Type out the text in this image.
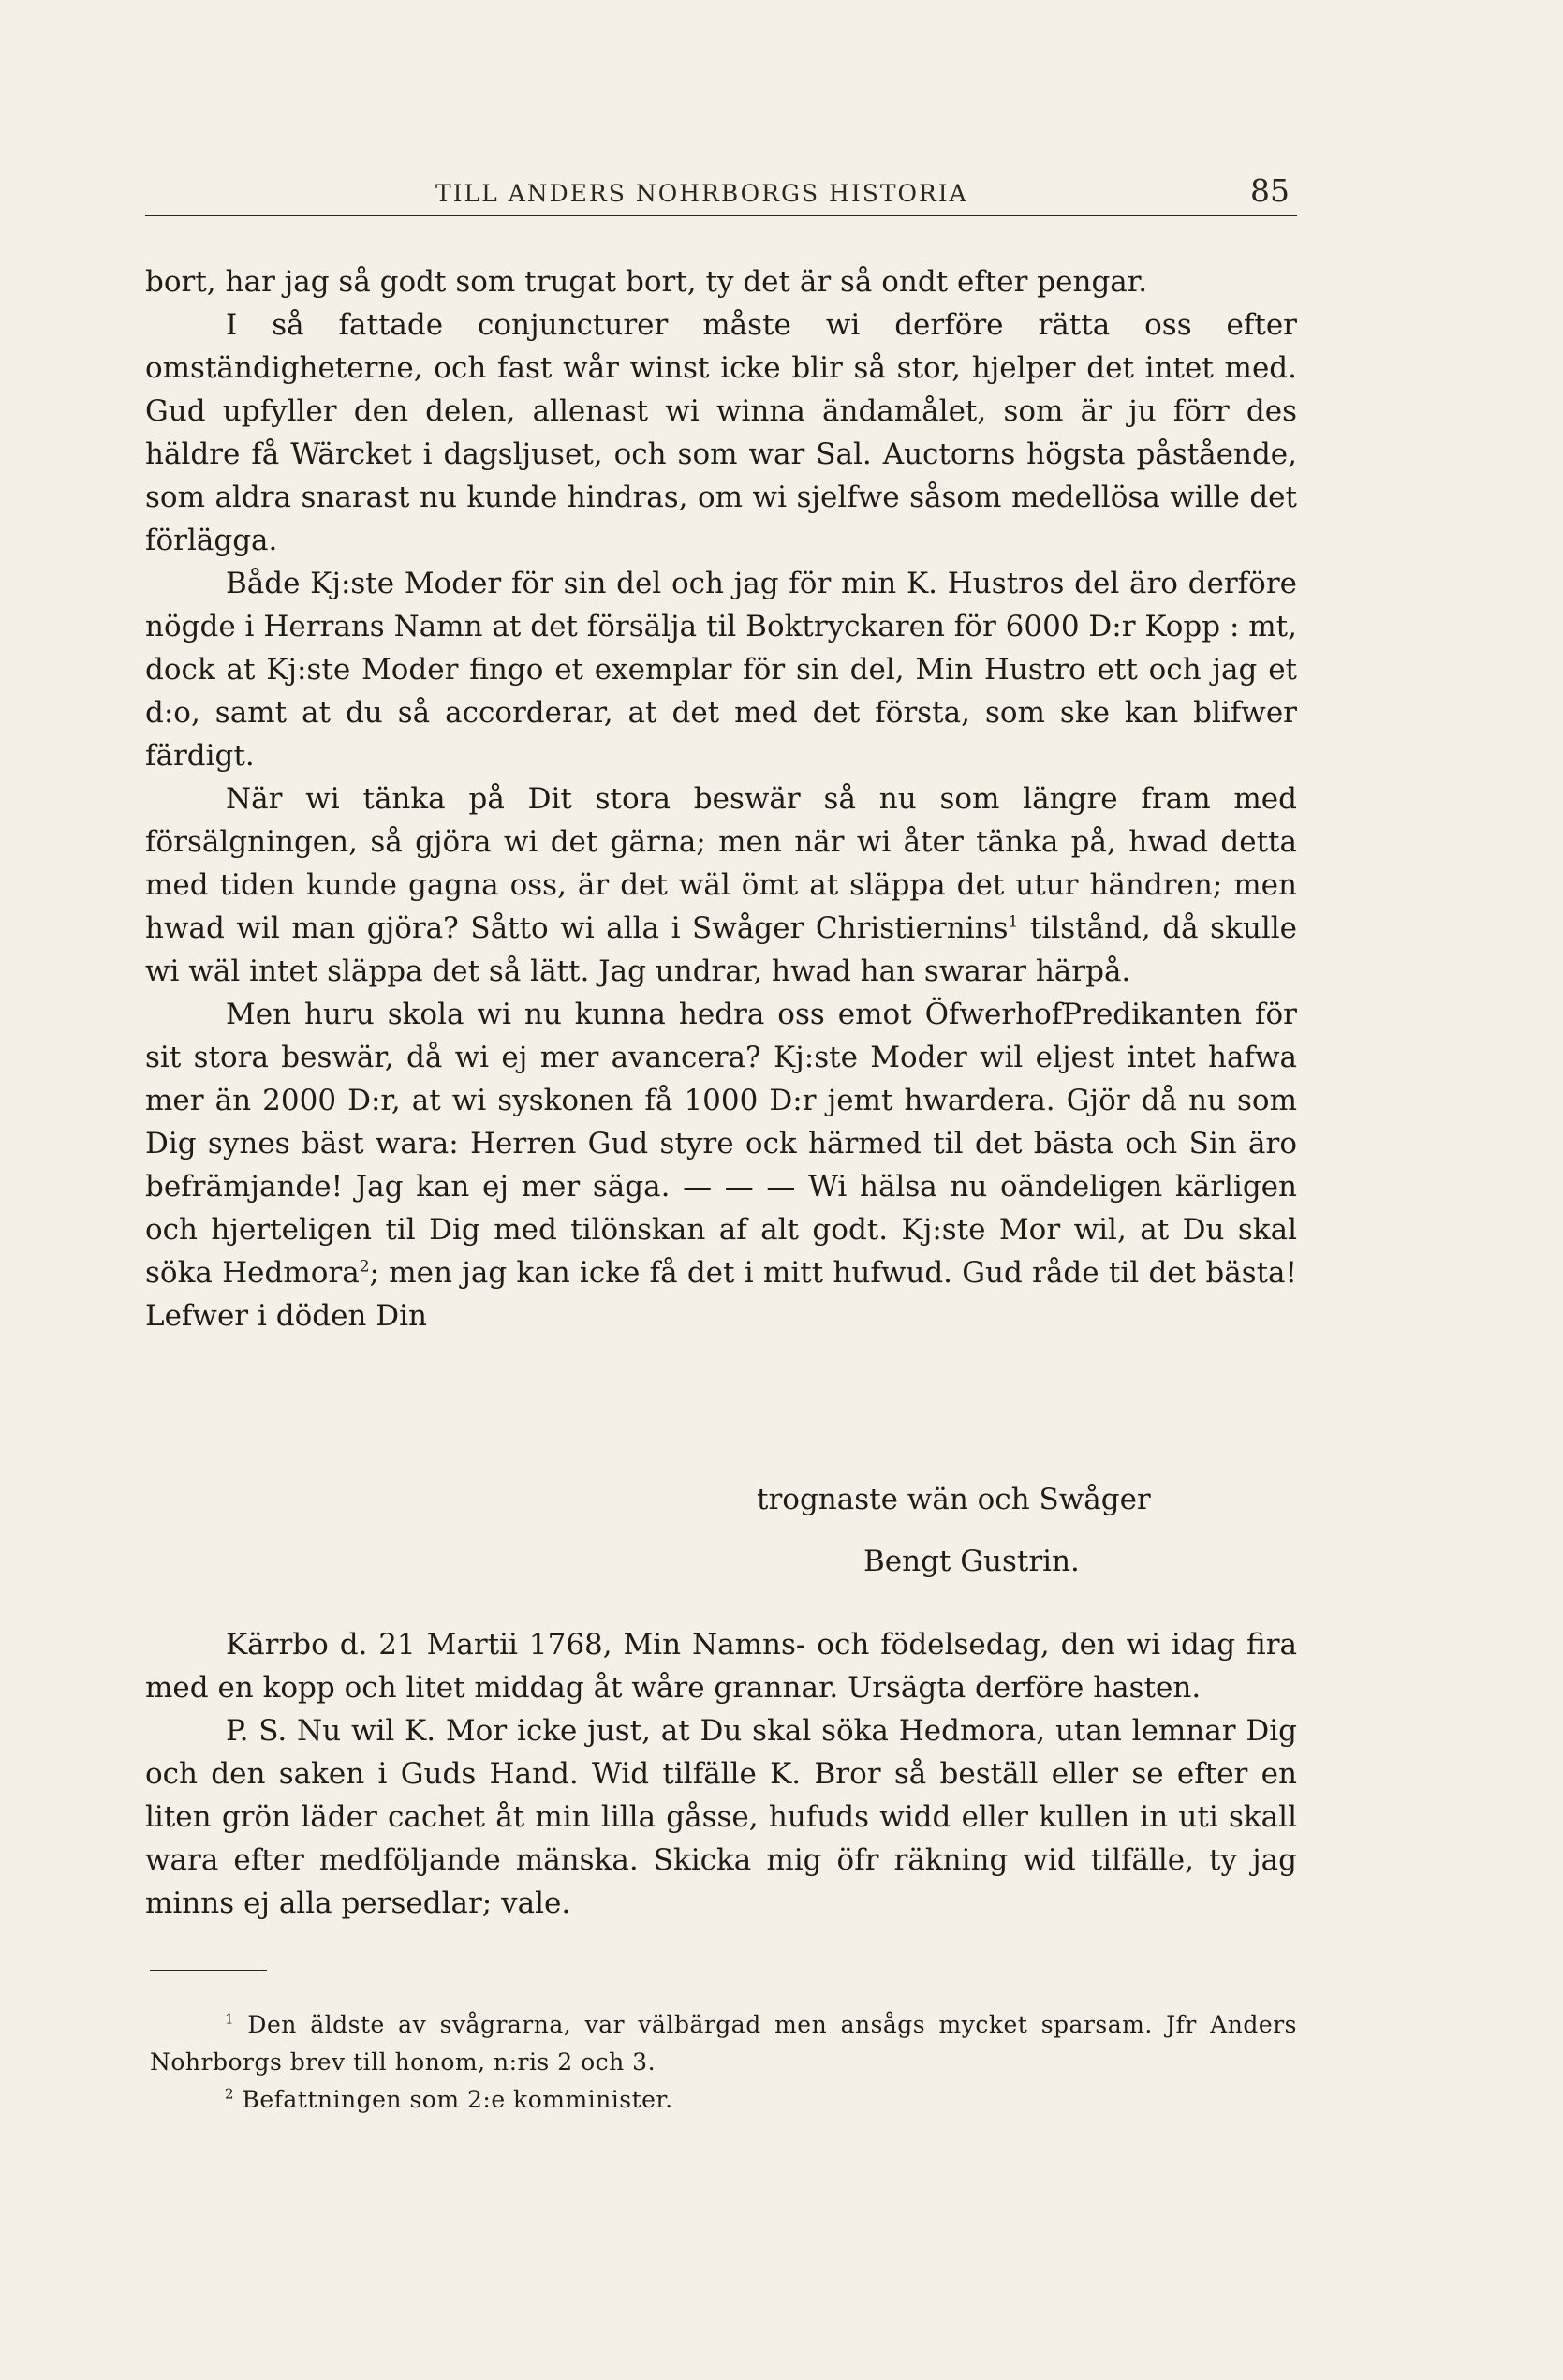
TILL ANDERS NOHRBORGS HISTORIA	85

bort, har jag så godt som trugat bort, ty det är så ondt efter pengar.

I så fattade conjuncturer måste wi derföre rätta oss efter omständigheterne, och fast wår winst icke blir så stor, hjelper det intet med. Gud upfyller den delen, allenast wi winna ändamålet, som är ju förr des häldre få Wärcket i dagsljuset, och som war Sal. Auctorns högsta påstående, som aldra snarast nu kunde hindras, om wi sjelfwe såsom medellösa wille det förlägga.

Både Kj:ste Moder för sin del och jag för min K. Hustros del äro derföre nögde i Herrans Namn at det försälja til Boktryckaren för 6000 D:r Kopp : mt, dock at Kj:ste Moder fingo et exemplar för sin del, Min Hustro ett och jag et d:o, samt at du så accorderar, at det med det första, som ske kan blifwer färdigt.

När wi tänka på Dit stora beswär så nu som längre fram med försälgningen, så gjöra wi det gärna; men när wi åter tänka på, hwad detta med tiden kunde gagna oss, är det wäl ömt at släppa det utur händren; men hwad wil man gjöra? Såtto wi alla i Swåger Christiernins$^1$ tilstånd, då skulle wi wäl intet släppa det så lätt. Jag undrar, hwad han swarar härpå.

Men huru skola wi nu kunna hedra oss emot ÖfwerhofPredikanten för sit stora beswär, då wi ej mer avancera? Kj:ste Moder wil eljest intet hafwa mer än 2000 D:r, at wi syskonen få 1000 D:r jemt hwardera. Gjör då nu som Dig synes bäst wara: Herren Gud styre ock härmed til det bästa och Sin äro befrämjande! Jag kan ej mer säga. — — — Wi hälsa nu oändeligen kärligen och hjerteligen til Dig med tilönskan af alt godt. Kj:ste Mor wil, at Du skal söka Hedmora$^2$; men jag kan icke få det i mitt hufwud. Gud råde til det bästa! Lefwer i döden Din

trognaste wän och Swåger
Bengt Gustrin.

Kärrbo d. 21 Martii 1768, Min Namns- och födelsedag, den wi idag fira med en kopp och litet middag åt wåre grannar. Ursägta derföre hasten.

P. S. Nu wil K. Mor icke just, at Du skal söka Hedmora, utan lemnar Dig och den saken i Guds Hand. Wid tilfälle K. Bror så beställ eller se efter en liten grön läder cachet åt min lilla gåsse, hufuds widd eller kullen in uti skall wara efter medföljande mänska. Skicka mig öfr räkning wid tilfälle, ty jag minns ej alla persedlar; vale.

$^1$ Den äldste av svågrarna, var välbärgad men ansågs mycket sparsam. Jfr Anders Nohrborgs brev till honom, n:ris 2 och 3.

$^2$ Befattningen som 2:e komminister.
